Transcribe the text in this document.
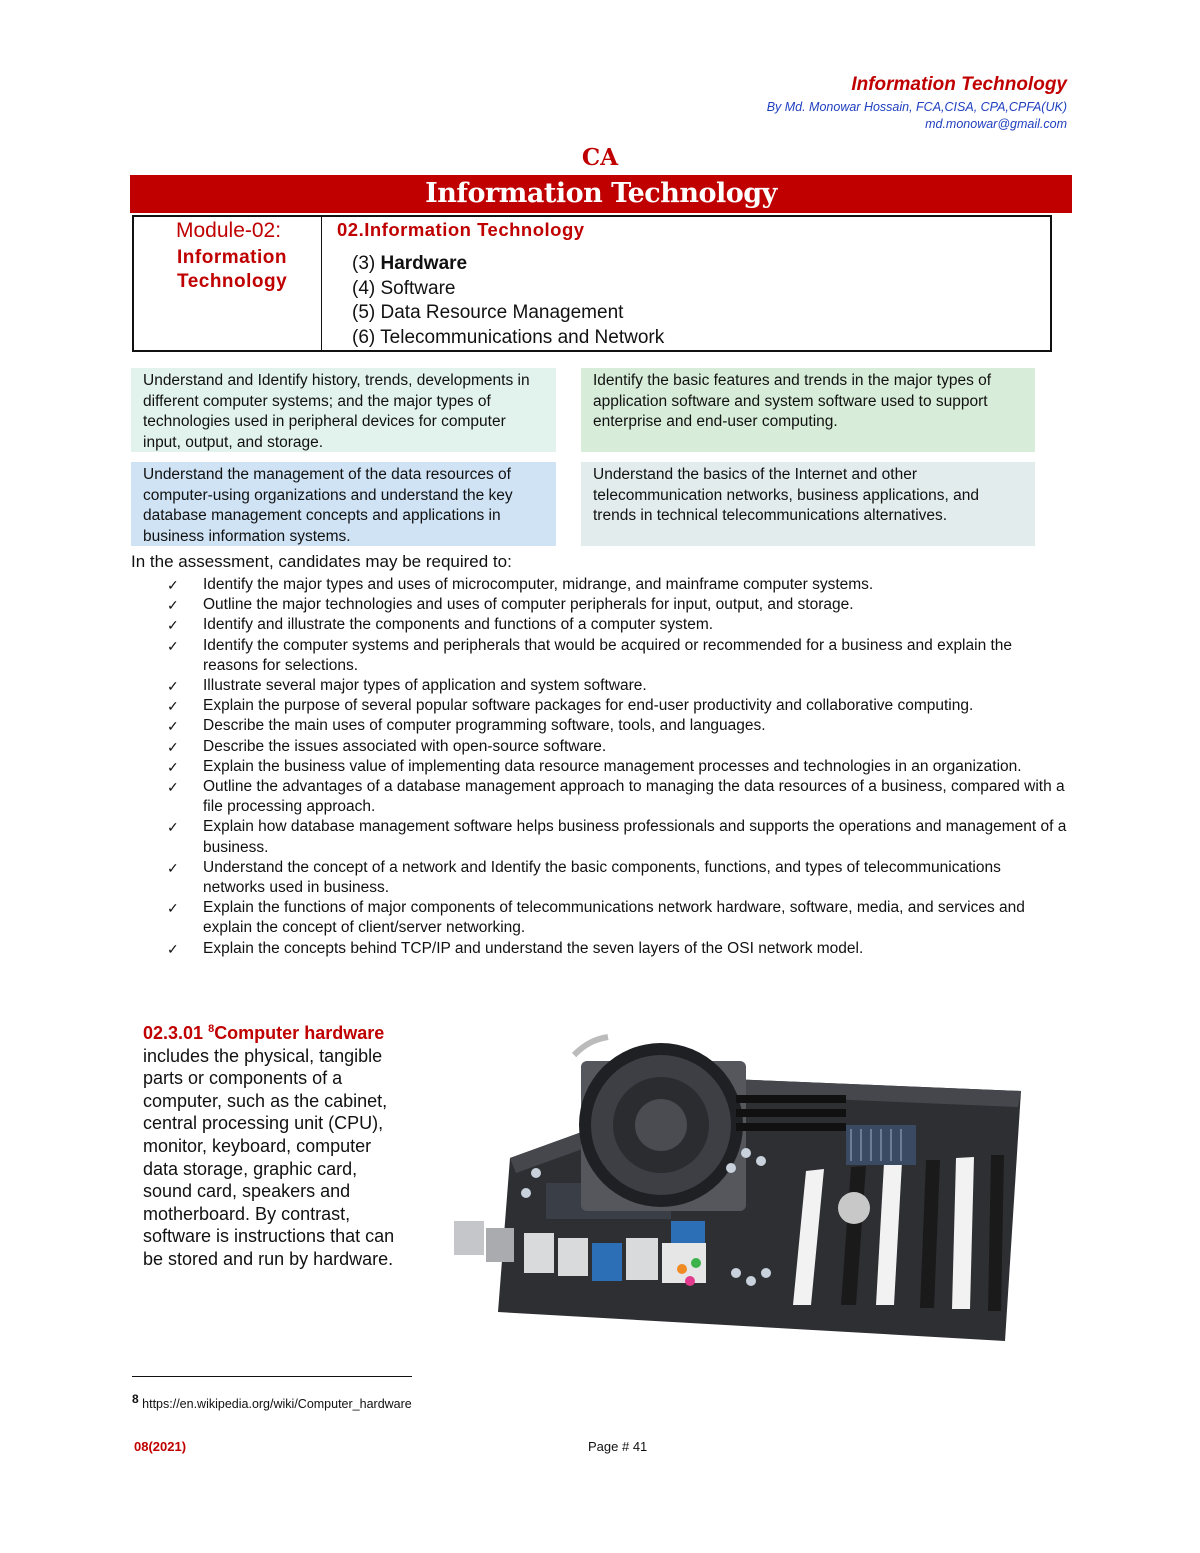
Information Technology
By Md. Monowar Hossain, FCA,CISA, CPA,CPFA(UK)
md.monowar@gmail.com
CA
Information Technology
Module-02:
Information
Technology
02.Information Technology
(3) Hardware
(4) Software
(5) Data Resource Management
(6) Telecommunications and Network
Understand and Identify history, trends, developments in different computer systems; and the major types of technologies used in peripheral devices for computer input, output, and storage.
Identify the basic features and trends in the major types of application software and system software used to support enterprise and end-user computing.
Understand the management of the data resources of computer-using organizations and understand the key database management concepts and applications in business information systems.
Understand the basics of the Internet and other telecommunication networks, business applications, and trends in technical telecommunications alternatives.
In the assessment, candidates may be required to:
✓ Identify the major types and uses of microcomputer, midrange, and mainframe computer systems.
✓ Outline the major technologies and uses of computer peripherals for input, output, and storage.
✓ Identify and illustrate the components and functions of a computer system.
✓ Identify the computer systems and peripherals that would be acquired or recommended for a business and explain the reasons for selections.
✓ Illustrate several major types of application and system software.
✓ Explain the purpose of several popular software packages for end-user productivity and collaborative computing.
✓ Describe the main uses of computer programming software, tools, and languages.
✓ Describe the issues associated with open-source software.
✓ Explain the business value of implementing data resource management processes and technologies in an organization.
✓ Outline the advantages of a database management approach to managing the data resources of a business, compared with a file processing approach.
✓ Explain how database management software helps business professionals and supports the operations and management of a business.
✓ Understand the concept of a network and Identify the basic components, functions, and types of telecommunications networks used in business.
✓ Explain the functions of major components of telecommunications network hardware, software, media, and services and explain the concept of client/server networking.
✓ Explain the concepts behind TCP/IP and understand the seven layers of the OSI network model.
02.3.01 $^8$Computer hardware includes the physical, tangible parts or components of a computer, such as the cabinet, central processing unit (CPU), monitor, keyboard, computer data storage, graphic card, sound card, speakers and motherboard. By contrast, software is instructions that can be stored and run by hardware.
$^8$ https://en.wikipedia.org/wiki/Computer_hardware
08(2021)	Page # 41
